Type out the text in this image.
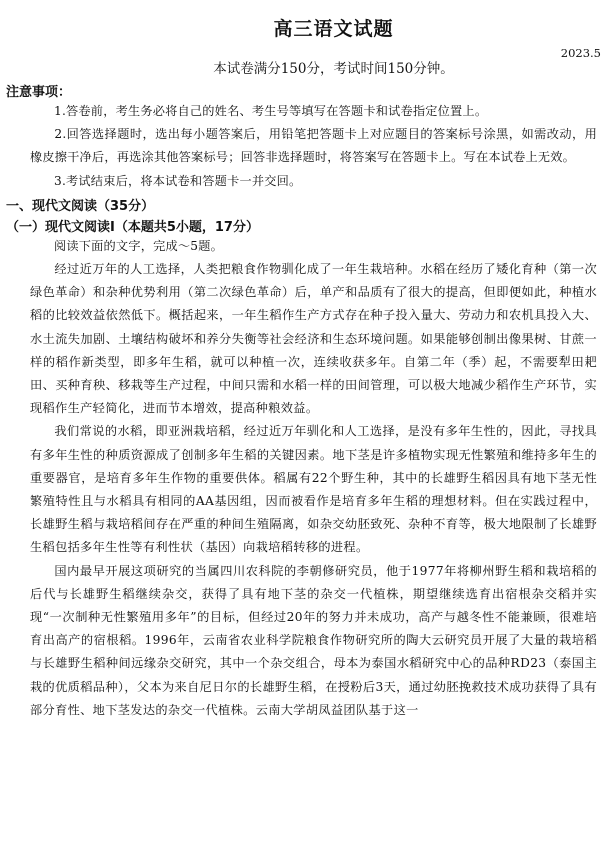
高三语文试题
2023.5
本试卷满分150分，考试时间150分钟。
注意事项：

1.答卷前，考生务必将自己的姓名、考生号等填写在答题卡和试卷指定位置上。

2.回答选择题时，选出每小题答案后，用铅笔把答题卡上对应题目的答案标号涂黑，如需改动，用橡皮擦干净后，再选涂其他答案标号；回答非选择题时，将答案写在答题卡上。写在本试卷上无效。

3.考试结束后，将本试卷和答题卡一并交回。

一、现代文阅读（35分）
（一）现代文阅读I（本题共5小题，17分）

阅读下面的文字，完成～5题。

经过近万年的人工选择，人类把粮食作物驯化成了一年生栽培种。水稻在经历了矮化育种（第一次绿色革命）和杂种优势利用（第二次绿色革命）后，单产和品质有了很大的提高，但即便如此，种植水稻的比较效益依然低下。概括起来，一年生稻作生产方式存在种子投入量大、劳动力和农机具投入大、水土流失加剧、土壤结构破坏和养分失衡等社会经济和生态环境问题。如果能够创制出像果树、甘蔗一样的稻作新类型，即多年生稻，就可以种植一次，连续收获多年。自第二年（季）起，不需要犁田耙田、买种育秧、移栽等生产过程，中间只需和水稻一样的田间管理，可以极大地减少稻作生产环节，实现稻作生产轻简化，进而节本增效，提高种粮效益。

我们常说的水稻，即亚洲栽培稻，经过近万年驯化和人工选择，是没有多年生性的，因此，寻找具有多年生性的种质资源成了创制多年生稻的关键因素。地下茎是许多植物实现无性繁殖和维持多年生的重要器官，是培育多年生作物的重要供体。稻属有22个野生种，其中的长雄野生稻因具有地下茎无性繁殖特性且与水稻具有相同的AA基因组，因而被看作是培育多年生稻的理想材料。但在实践过程中，长雄野生稻与栽培稻间存在严重的种间生殖隔离，如杂交幼胚致死、杂种不育等，极大地限制了长雄野生稻包括多年生性等有利性状（基因）向栽培稻转移的进程。

国内最早开展这项研究的当属四川农科院的李朝修研究员，他于1977年将柳州野生稻和栽培稻的后代与长雄野生稻继续杂交，获得了具有地下茎的杂交一代植株，期望继续选育出宿根杂交稻并实现“一次制种无性繁殖用多年”的目标，但经过20年的努力并未成功，高产与越冬性不能兼顾，很难培育出高产的宿根稻。1996年，云南省农业科学院粮食作物研究所的陶大云研究员开展了大量的栽培稻与长雄野生稻种间远缘杂交研究，其中一个杂交组合，母本为泰国水稻研究中心的品种RD23（泰国主栽的优质稻品种），父本为来自尼日尔的长雄野生稻，在授粉后3天，通过幼胚挽救技术成功获得了具有部分育性、地下茎发达的杂交一代植株。云南大学胡凤益团队基于这一
